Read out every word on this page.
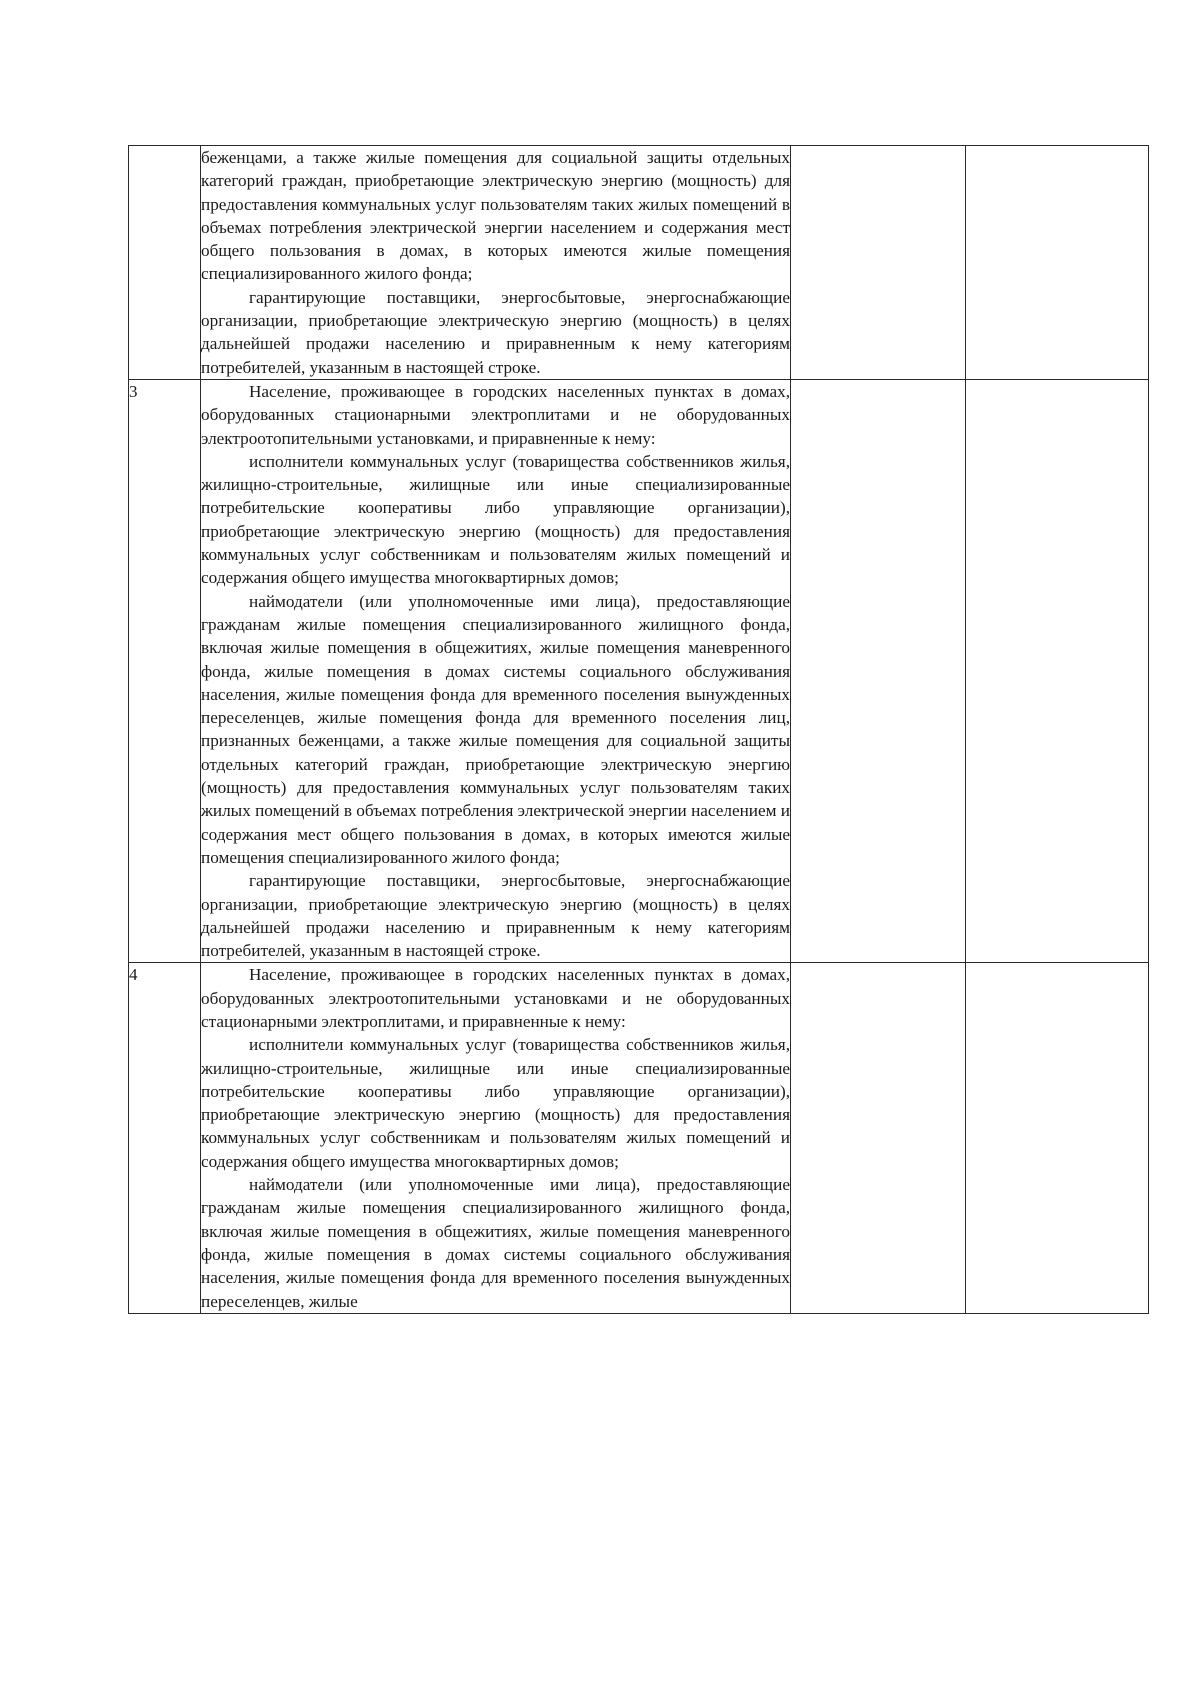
	беженцами, а также жилые помещения для социальной защиты отдельных категорий граждан, приобретающие электрическую энергию (мощность) для предоставления коммунальных услуг пользователям таких жилых помещений в объемах потребления электрической энергии населением и содержания мест общего пользования в домах, в которых имеются жилые помещения специализированного жилого фонда;

гарантирующие поставщики, энергосбытовые, энергоснабжающие организации, приобретающие электрическую энергию (мощность) в целях дальнейшей продажи населению и приравненным к нему категориям потребителей, указанным в настоящей строке.		

3	Население, проживающее в городских населенных пунктах в домах, оборудованных стационарными электроплитами и не оборудованных электроотопительными установками, и приравненные к нему:

исполнители коммунальных услуг (товарищества собственников жилья, жилищно-строительные, жилищные или иные специализированные потребительские кооперативы либо управляющие организации), приобретающие электрическую энергию (мощность) для предоставления коммунальных услуг собственникам и пользователям жилых помещений и содержания общего имущества многоквартирных домов;

наймодатели (или уполномоченные ими лица), предоставляющие гражданам жилые помещения специализированного жилищного фонда, включая жилые помещения в общежитиях, жилые помещения маневренного фонда, жилые помещения в домах системы социального обслуживания населения, жилые помещения фонда для временного поселения вынужденных переселенцев, жилые помещения фонда для временного поселения лиц, признанных беженцами, а также жилые помещения для социальной защиты отдельных категорий граждан, приобретающие электрическую энергию (мощность) для предоставления коммунальных услуг пользователям таких жилых помещений в объемах потребления электрической энергии населением и содержания мест общего пользования в домах, в которых имеются жилые помещения специализированного жилого фонда;

гарантирующие поставщики, энергосбытовые, энергоснабжающие организации, приобретающие электрическую энергию (мощность) в целях дальнейшей продажи населению и приравненным к нему категориям потребителей, указанным в настоящей строке.		

4	Население, проживающее в городских населенных пунктах в домах, оборудованных электроотопительными установками и не оборудованных стационарными электроплитами, и приравненные к нему:

исполнители коммунальных услуг (товарищества собственников жилья, жилищно-строительные, жилищные или иные специализированные потребительские кооперативы либо управляющие организации), приобретающие электрическую энергию (мощность) для предоставления коммунальных услуг собственникам и пользователям жилых помещений и содержания общего имущества многоквартирных домов;

наймодатели (или уполномоченные ими лица), предоставляющие гражданам жилые помещения специализированного жилищного фонда, включая жилые помещения в общежитиях, жилые помещения маневренного фонда, жилые помещения в домах системы социального обслуживания населения, жилые помещения фонда для временного поселения вынужденных переселенцев, жилые		
